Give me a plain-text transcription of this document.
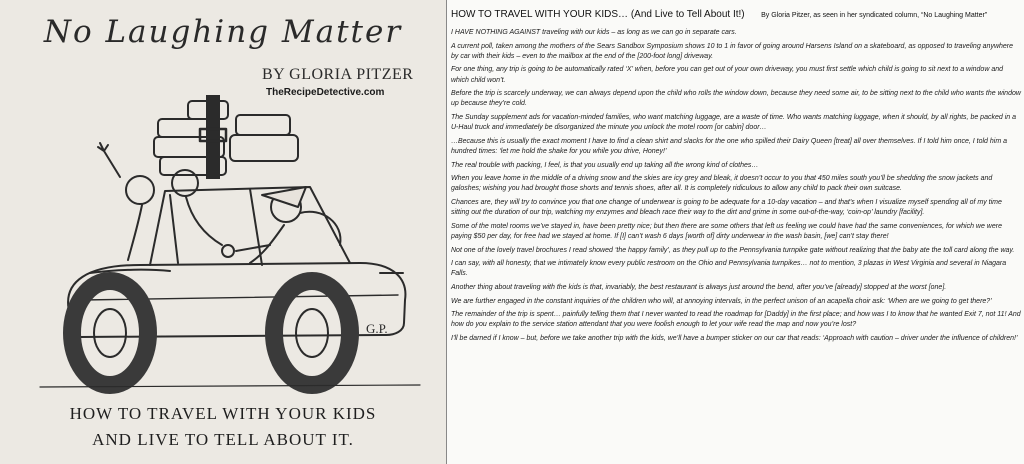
No Laughing Matter
BY GLORIA PITZER
TheRecipeDetective.com
G.P.
HOW TO TRAVEL WITH YOUR KIDS
AND LIVE TO TELL ABOUT IT.
HOW TO TRAVEL WITH YOUR KIDS… (And Live to Tell About It!) By Gloria Pitzer, as seen in her syndicated column, “No Laughing Matter”

I HAVE NOTHING AGAINST traveling with our kids – as long as we can go in separate cars.

A current poll, taken among the mothers of the Sears Sandbox Symposium shows 10 to 1 in favor of going around Harsens Island on a skateboard, as opposed to traveling anywhere by car with their kids – even to the mailbox at the end of the [200-foot long] driveway.

For one thing, any trip is going to be automatically rated ‘X’ when, before you can get out of your own driveway, you must first settle which child is going to sit next to a window and which child won’t.

Before the trip is scarcely underway, we can always depend upon the child who rolls the window down, because they need some air, to be sitting next to the child who wants the window up because they’re cold.

The Sunday supplement ads for vacation-minded families, who want matching luggage, are a waste of time. Who wants matching luggage, when it should, by all rights, be packed in a U-Haul truck and immediately be disorganized the minute you unlock the motel room [or cabin] door…

…Because this is usually the exact moment I have to find a clean shirt and slacks for the one who spilled their Dairy Queen [treat] all over themselves. If I told him once, I told him a hundred times: ‘let me hold the shake for you while you drive, Honey!’

The real trouble with packing, I feel, is that you usually end up taking all the wrong kind of clothes…

When you leave home in the middle of a driving snow and the skies are icy grey and bleak, it doesn’t occur to you that 450 miles south you’ll be shedding the snow jackets and galoshes; wishing you had brought those shorts and tennis shoes, after all. It is completely ridiculous to allow any child to pack their own suitcase.

Chances are, they will try to convince you that one change of underwear is going to be adequate for a 10-day vacation – and that’s when I visualize myself spending all of my time sitting out the duration of our trip, watching my enzymes and bleach race their way to the dirt and grime in some out-of-the-way, ‘coin-op’ laundry [facility].

Some of the motel rooms we’ve stayed in, have been pretty nice; but then there are some others that left us feeling we could have had the same conveniences, for which we were paying $50 per day, for free had we stayed at home. If [I] can’t wash 6 days [worth of] dirty underwear in the wash basin, [we] can’t stay there!

Not one of the lovely travel brochures I read showed ‘the happy family’, as they pull up to the Pennsylvania turnpike gate without realizing that the baby ate the toll card along the way.

I can say, with all honesty, that we intimately know every public restroom on the Ohio and Pennsylvania turnpikes… not to mention, 3 plazas in West Virginia and several in Niagara Falls.

Another thing about traveling with the kids is that, invariably, the best restaurant is always just around the bend, after you’ve [already] stopped at the worst [one].

We are further engaged in the constant inquiries of the children who will, at annoying intervals, in the perfect unison of an acapella choir ask: ‘When are we going to get there?’

The remainder of the trip is spent… painfully telling them that I never wanted to read the roadmap for [Daddy] in the first place; and how was I to know that he wanted Exit 7, not 11! And how do you explain to the service station attendant that you were foolish enough to let your wife read the map and now you’re lost?

I’ll be darned if I know – but, before we take another trip with the kids, we’ll have a bumper sticker on our car that reads: ‘Approach with caution – driver under the influence of children!’
